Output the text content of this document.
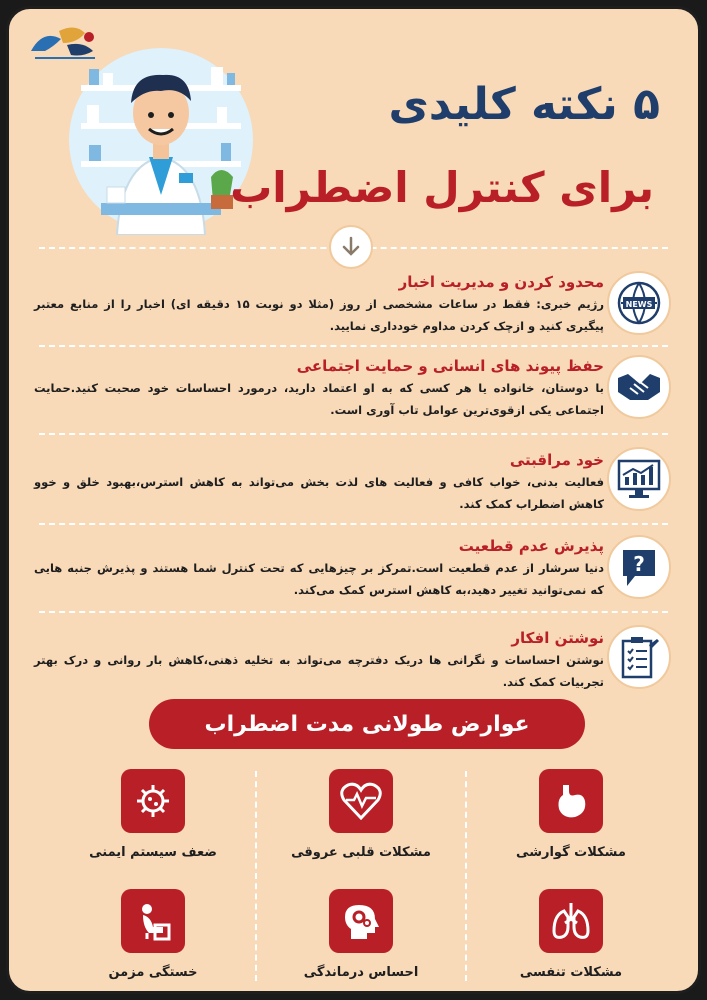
۵ نکته کلیدی
برای کنترل اضطراب
NEWS
محدود کردن و مدیریت اخبار
رژیم خبری: فقط در ساعات مشخصی از روز (مثلا دو نوبت ۱۵ دقیقه ای) اخبار را از منابع معتبر پیگیری کنید و ازچک کردن مداوم خودداری نمایید.
حفظ پیوند های انسانی و حمایت اجتماعی
با دوستان، خانواده یا هر کسی که به او اعتماد دارید، درمورد احساسات خود صحبت کنید.حمایت اجتماعی یکی ازقوی‌ترین عوامل تاب آوری است.
خود مراقبتی
فعالیت بدنی، خواب کافی و فعالیت های لذت بخش می‌تواند به کاهش استرس،بهبود خلق و خوو کاهش اضطراب کمک کند.
?
پذیرش عدم قطعیت
دنیا سرشار از عدم قطعیت است.تمرکز بر چیزهایی که تحت کنترل شما هستند و پذیرش جنبه هایی که نمی‌توانید تغییر دهید،به کاهش استرس کمک می‌کند.
نوشتن افکار
نوشتن احساسات و نگرانی ها دریک دفترچه می‌تواند به تخلیه ذهنی،کاهش بار روانی و درک بهتر تجربیات کمک کند.
عوارض طولانی مدت اضطراب
مشکلات گوارشی
مشکلات قلبی عروقی
ضعف سیستم ایمنی
مشکلات تنفسی
احساس درماندگی
خستگی مزمن
